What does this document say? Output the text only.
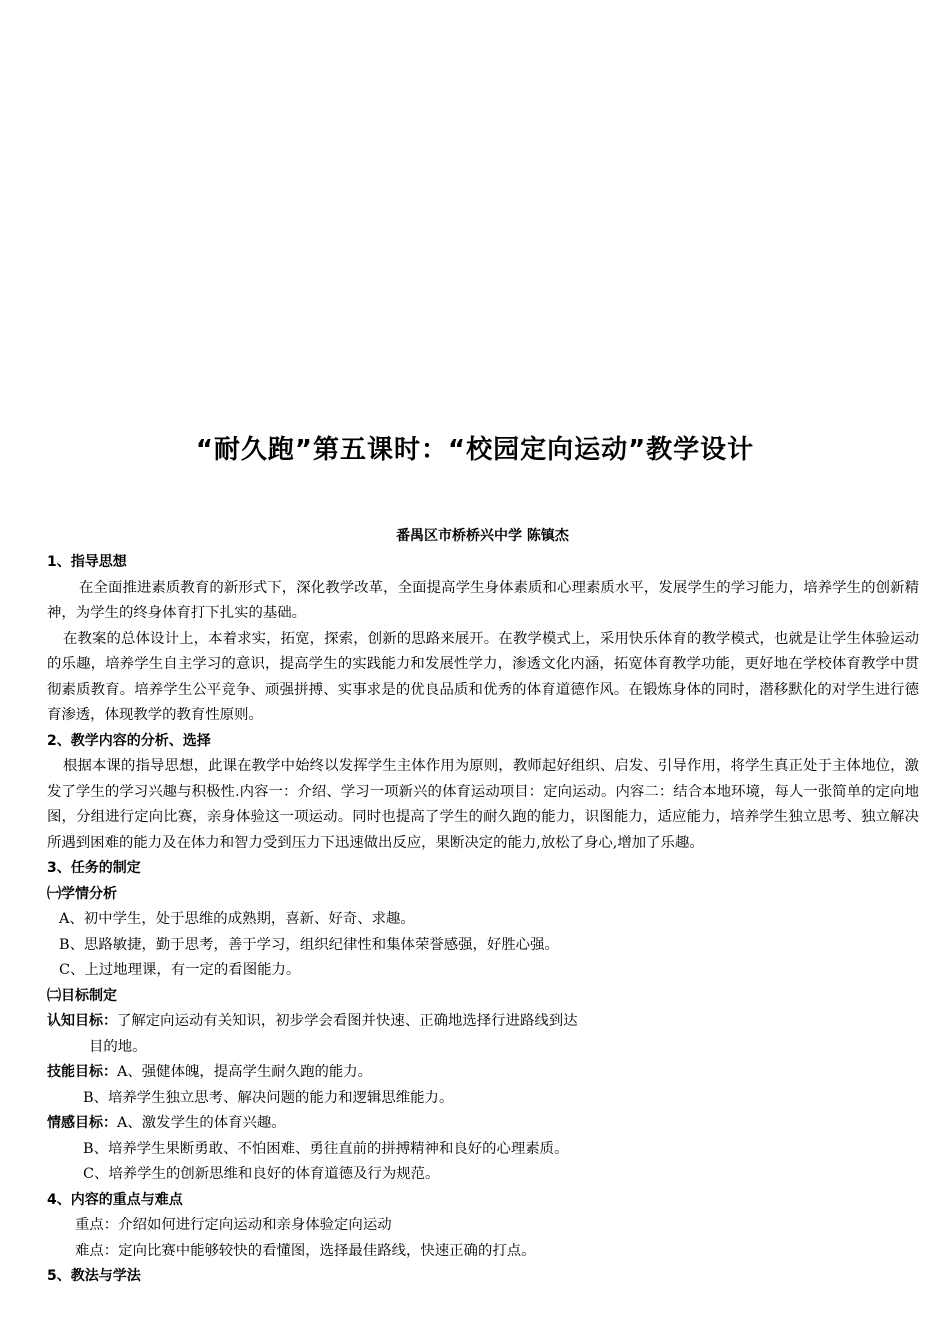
“耐久跑”第五课时：“校园定向运动”教学设计
番禺区市桥桥兴中学 陈镇杰
1、指导思想

在全面推进素质教育的新形式下，深化教学改革，全面提高学生身体素质和心理素质水平，发展学生的学习能力，培养学生的创新精神，为学生的终身体育打下扎实的基础。

在教案的总体设计上，本着求实，拓宽，探索，创新的思路来展开。在教学模式上，采用快乐体育的教学模式，也就是让学生体验运动的乐趣，培养学生自主学习的意识，提高学生的实践能力和发展性学力，渗透文化内涵，拓宽体育教学功能，更好地在学校体育教学中贯彻素质教育。培养学生公平竞争、顽强拼搏、实事求是的优良品质和优秀的体育道德作风。在锻炼身体的同时，潜移默化的对学生进行德育渗透，体现教学的教育性原则。

2、教学内容的分析、选择

根据本课的指导思想，此课在教学中始终以发挥学生主体作用为原则，教师起好组织、启发、引导作用，将学生真正处于主体地位，激发了学生的学习兴趣与积极性.内容一：介绍、学习一项新兴的体育运动项目：定向运动。内容二：结合本地环境，每人一张简单的定向地图，分组进行定向比赛，亲身体验这一项运动。同时也提高了学生的耐久跑的能力，识图能力，适应能力，培养学生独立思考、独立解决所遇到困难的能力及在体力和智力受到压力下迅速做出反应，果断决定的能力,放松了身心,增加了乐趣。

3、任务的制定
㈠学情分析

A、初中学生，处于思维的成熟期，喜新、好奇、求趣。

B、思路敏捷，勤于思考，善于学习，组织纪律性和集体荣誉感强，好胜心强。

C、上过地理课，有一定的看图能力。

㈡目标制定

认知目标：了解定向运动有关知识，初步学会看图并快速、正确地选择行进路线到达

目的地。

技能目标：A、强健体魄，提高学生耐久跑的能力。

B、培养学生独立思考、解决问题的能力和逻辑思维能力。

情感目标：A、激发学生的体育兴趣。

B、培养学生果断勇敢、不怕困难、勇往直前的拼搏精神和良好的心理素质。

C、培养学生的创新思维和良好的体育道德及行为规范。

4、内容的重点与难点

重点：介绍如何进行定向运动和亲身体验定向运动

难点：定向比赛中能够较快的看懂图，选择最佳路线，快速正确的打点。

5、教法与学法
